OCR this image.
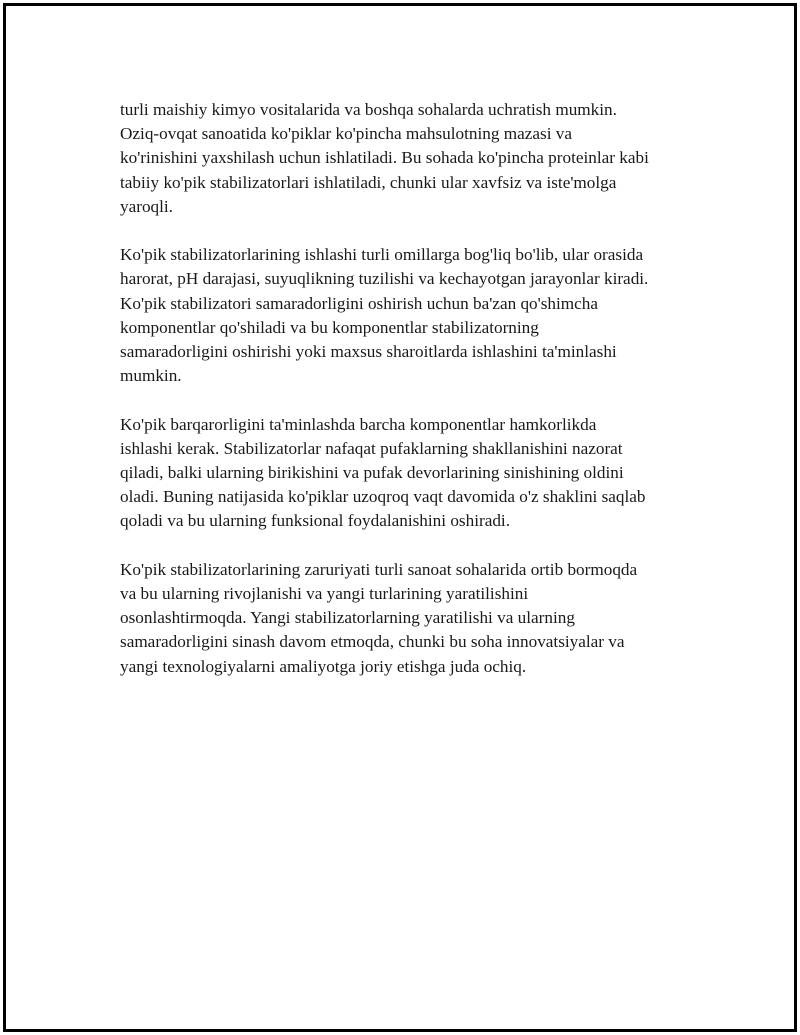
turli maishiy kimyo vositalarida va boshqa sohalarda uchratish mumkin.
Oziq-ovqat sanoatida ko'piklar ko'pincha mahsulotning mazasi va
ko'rinishini yaxshilash uchun ishlatiladi. Bu sohada ko'pincha proteinlar kabi
tabiiy ko'pik stabilizatorlari ishlatiladi, chunki ular xavfsiz va iste'molga
yaroqli.

Ko'pik stabilizatorlarining ishlashi turli omillarga bog'liq bo'lib, ular orasida
harorat, pH darajasi, suyuqlikning tuzilishi va kechayotgan jarayonlar kiradi.
Ko'pik stabilizatori samaradorligini oshirish uchun ba'zan qo'shimcha
komponentlar qo'shiladi va bu komponentlar stabilizatorning
samaradorligini oshirishi yoki maxsus sharoitlarda ishlashini ta'minlashi
mumkin.

Ko'pik barqarorligini ta'minlashda barcha komponentlar hamkorlikda
ishlashi kerak. Stabilizatorlar nafaqat pufaklarning shakllanishini nazorat
qiladi, balki ularning birikishini va pufak devorlarining sinishining oldini
oladi. Buning natijasida ko'piklar uzoqroq vaqt davomida o'z shaklini saqlab
qoladi va bu ularning funksional foydalanishini oshiradi.

Ko'pik stabilizatorlarining zaruriyati turli sanoat sohalarida ortib bormoqda
va bu ularning rivojlanishi va yangi turlarining yaratilishini
osonlashtirmoqda. Yangi stabilizatorlarning yaratilishi va ularning
samaradorligini sinash davom etmoqda, chunki bu soha innovatsiyalar va
yangi texnologiyalarni amaliyotga joriy etishga juda ochiq.
